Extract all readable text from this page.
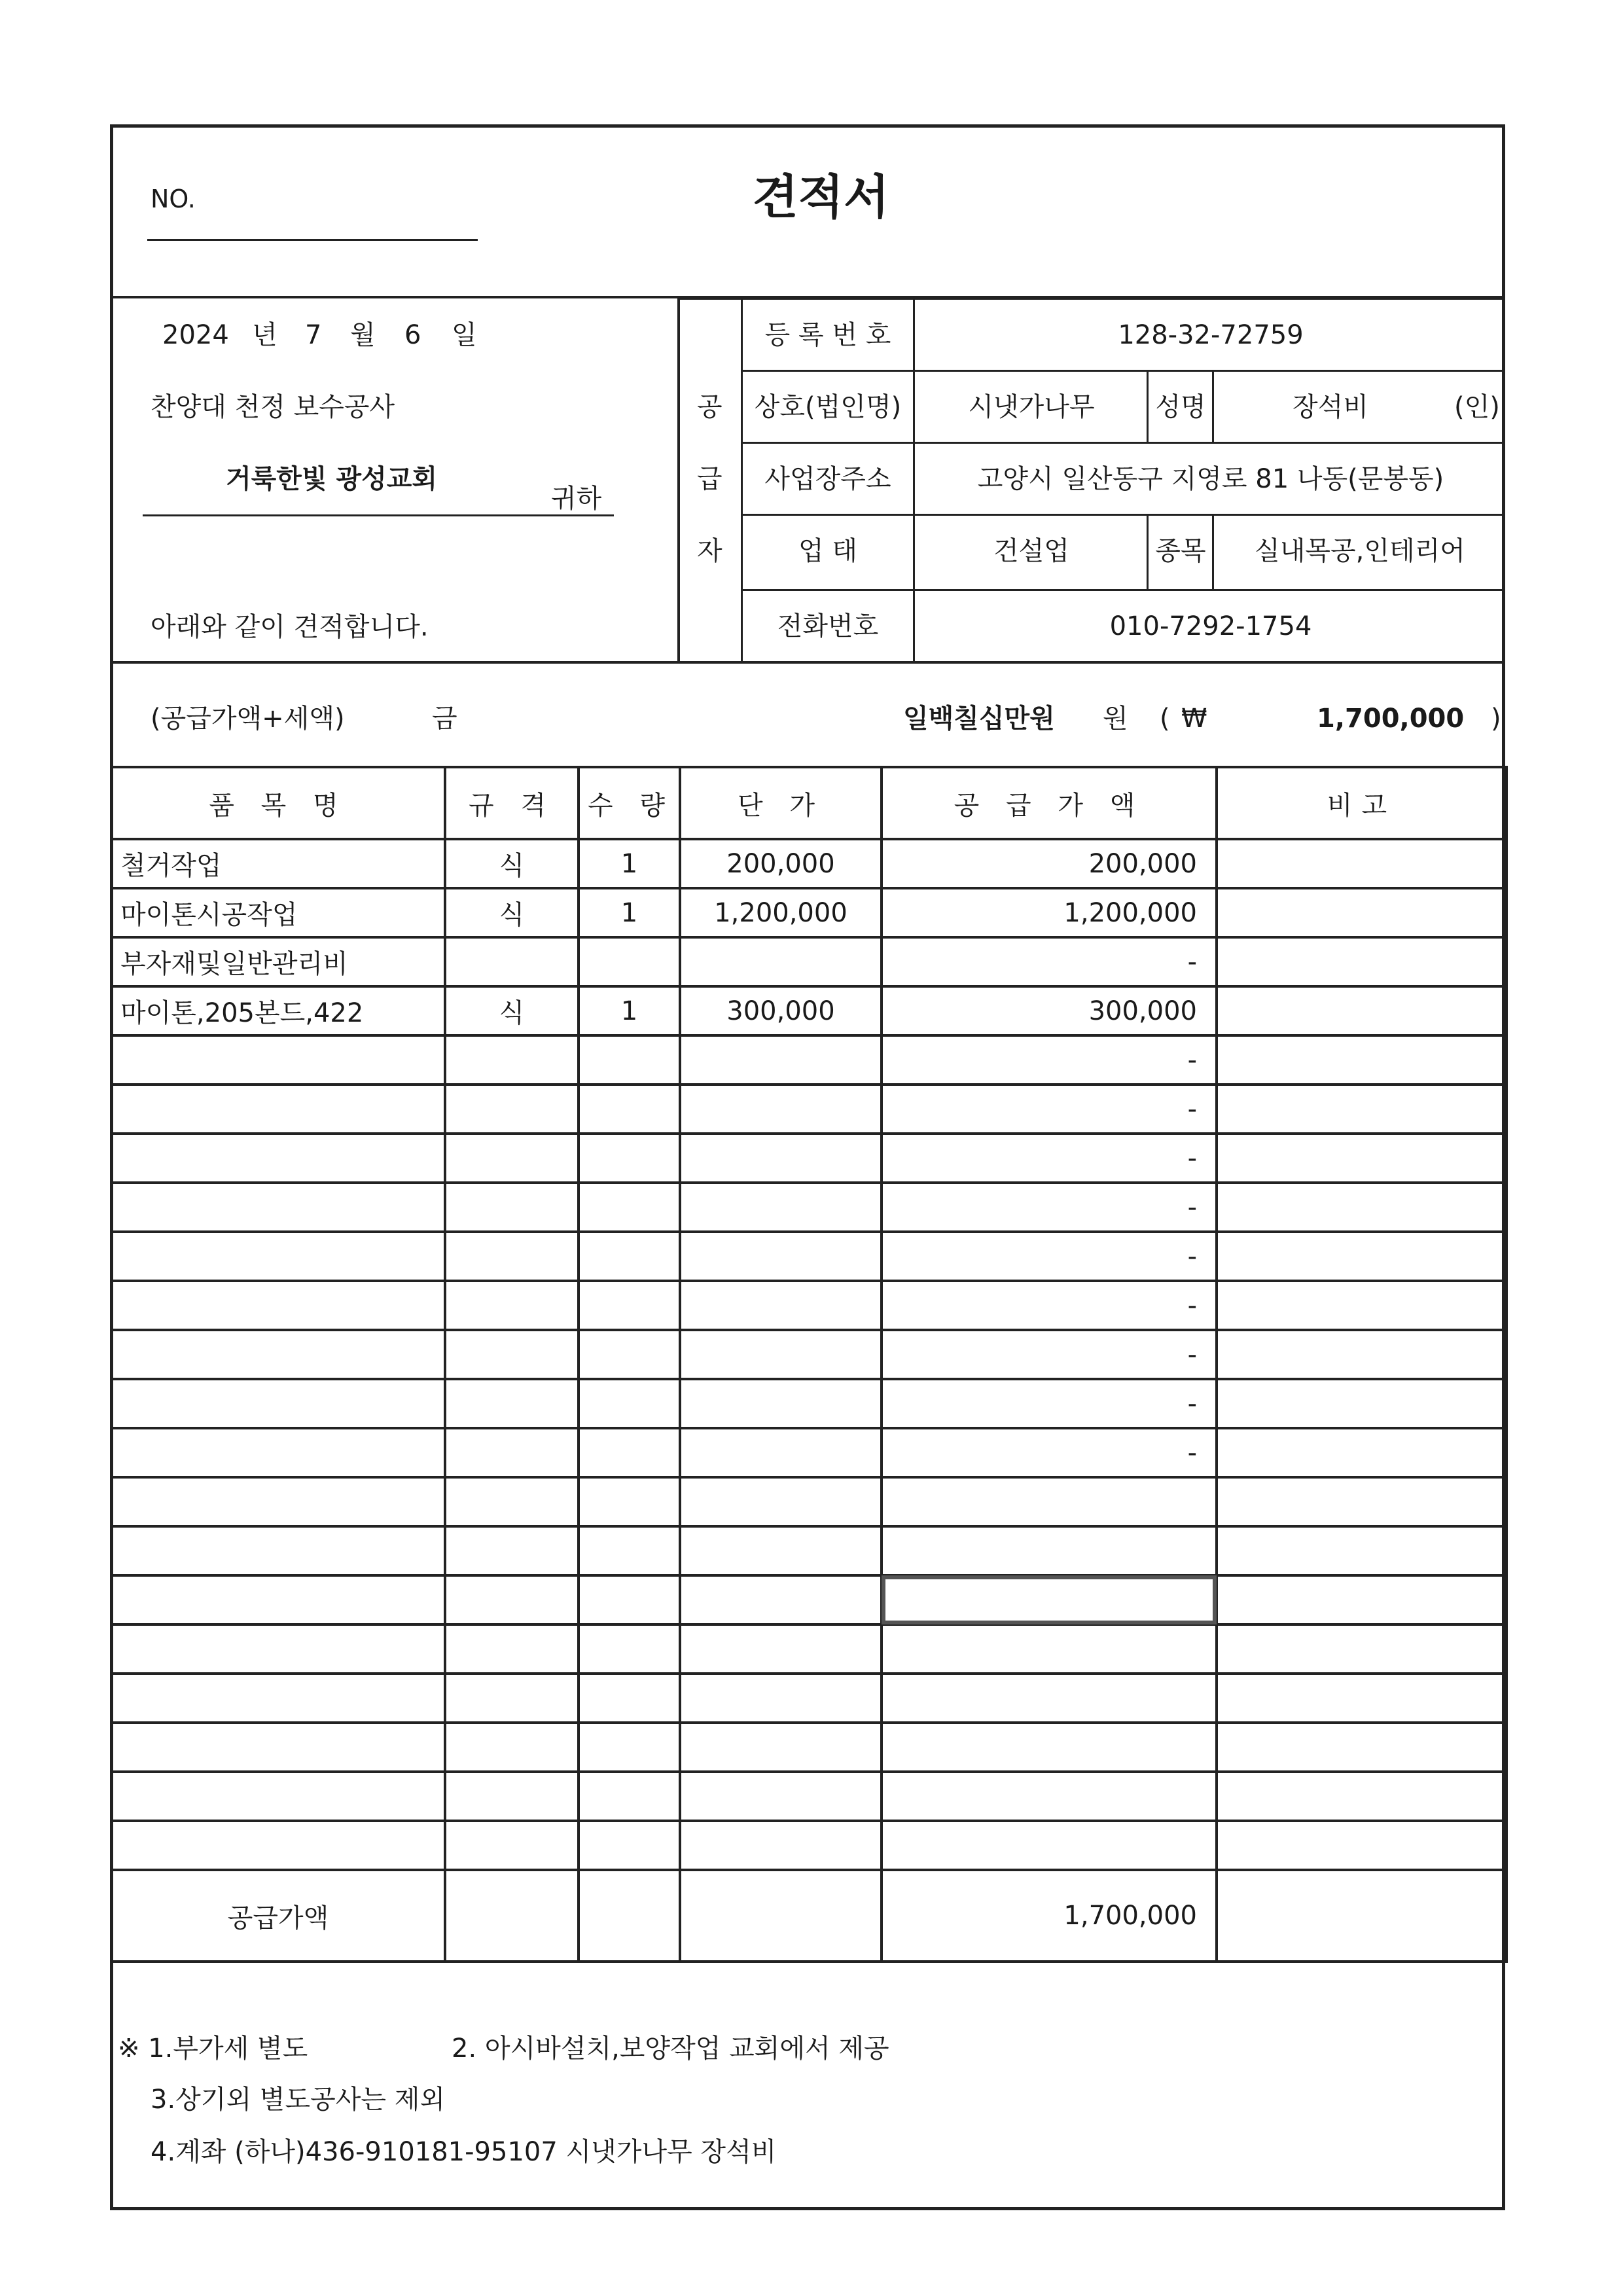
NO.	견적서
2024 년 7 월 6 일
찬양대 천정 보수공사
거룩한빛 광성교회
귀하
아래와 같이 견적합니다.
공
급
자
등 록 번 호	128-32-72759
상호(법인명)	시냇가나무	성명	장석비	(인)
사업장주소	고양시 일산동구 지영로 81 나동(문봉동)
업 태	건설업	종목	실내목공,인테리어
전화번호	010-7292-1754
(공급가액+세액)	금	일백칠십만원 원 ( ₩	1,700,000 )
품 목 명	규 격	수 량	단 가	공 급 가 액	비고
철거작업	식	1	200,000	200,000	
마이톤시공작업	식	1	1,200,000	1,200,000	
부자재및일반관리비				-	
마이톤,205본드,422	식	1	300,000	300,000	
				-	
				-	
				-	
				-	
				-	
				-	
				-	
				-	
				-	

공급가액				1,700,000	
※ 1.부가세 별도	2. 아시바설치,보양작업 교회에서 제공
3.상기외 별도공사는 제외
4.계좌 (하나)436-910181-95107 시냇가나무 장석비
